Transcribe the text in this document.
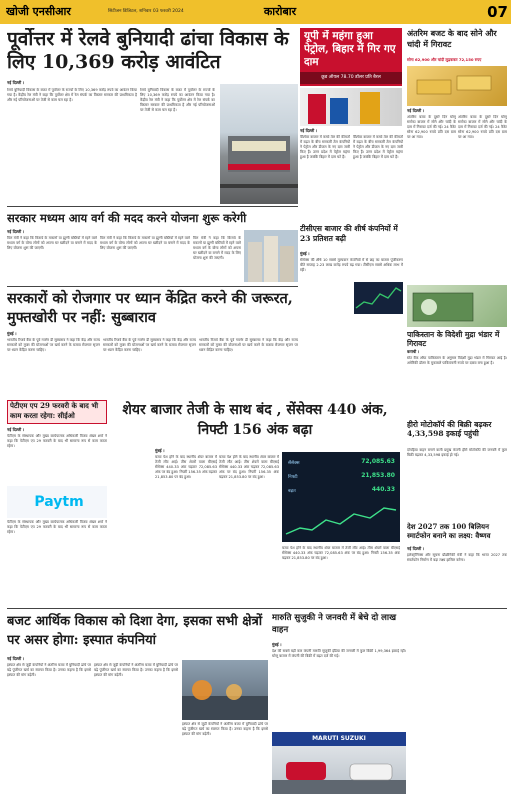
खोजी एनसीआर	सिटीजन डिजिटल, शनिवार 03 फरवरी 2024	कारोबार	07
पूर्वोत्तर में रेलवे बुनियादी ढांचा विकास के लिए 10,369 करोड़ आवंटित
नई दिल्ली ।
रेलवे बुनियादी विकास के बजट में पूर्वोत्तर के राज्यों के लिए 10,369 करोड़ रुपये का आवंटन किया गया है। केंद्रीय रेल मंत्री ने कहा कि पूर्वोत्तर क्षेत्र में रेल संपर्क का विस्तार सरकार की प्राथमिकता है और नई परियोजनाओं पर तेजी से काम चल रहा है।
रेलवे बुनियादी विकास के बजट में पूर्वोत्तर के राज्यों के लिए 10,369 करोड़ रुपये का आवंटन किया गया है। केंद्रीय रेल मंत्री ने कहा कि पूर्वोत्तर क्षेत्र में रेल संपर्क का विस्तार सरकार की प्राथमिकता है और नई परियोजनाओं पर तेजी से काम चल रहा है।
सरकार मध्यम आय वर्ग की मदद करने योजना शुरू करेगी
नई दिल्ली ।
वित्त मंत्री ने कहा कि किराये के मकानों या झुग्गी बस्तियों में रहने वाले मध्यम वर्ग के योग्य लोगों को अपना घर खरीदने या बनाने में मदद के लिए योजना शुरू की जाएगी।
वित्त मंत्री ने कहा कि किराये के मकानों या झुग्गी बस्तियों में रहने वाले मध्यम वर्ग के योग्य लोगों को अपना घर खरीदने या बनाने में मदद के लिए योजना शुरू की जाएगी।
वित्त मंत्री ने कहा कि किराये के मकानों या झुग्गी बस्तियों में रहने वाले मध्यम वर्ग के योग्य लोगों को अपना घर खरीदने या बनाने में मदद के लिए योजना शुरू की जाएगी।
सरकारों को रोजगार पर ध्यान केंद्रित करने की जरूरत, मुफ्तखोरी पर नहीं: सुब्बाराव
मुंबई ।
भारतीय रिजर्व बैंक के पूर्व गवर्नर डी सुब्बाराव ने कहा कि केंद्र और राज्य सरकारों को मुफ्त की योजनाओं पर खर्च करने के बजाय रोजगार सृजन पर ध्यान केंद्रित करना चाहिए।
भारतीय रिजर्व बैंक के पूर्व गवर्नर डी सुब्बाराव ने कहा कि केंद्र और राज्य सरकारों को मुफ्त की योजनाओं पर खर्च करने के बजाय रोजगार सृजन पर ध्यान केंद्रित करना चाहिए।
भारतीय रिजर्व बैंक के पूर्व गवर्नर डी सुब्बाराव ने कहा कि केंद्र और राज्य सरकारों को मुफ्त की योजनाओं पर खर्च करने के बजाय रोजगार सृजन पर ध्यान केंद्रित करना चाहिए।
यूपी में महंगा हुआ पेट्रोल, बिहार में गिर गए दाम
क्रूड ऑयल 78.70 डॉलर प्रति बैरल
नई दिल्ली ।
वैश्विक बाजार में कच्चे तेल की कीमतों में बढ़त के बीच सरकारी तेल कंपनियों ने पेट्रोल और डीजल के नए दाम जारी किए हैं। उत्तर प्रदेश में पेट्रोल महंगा हुआ है जबकि बिहार में दाम घटे हैं।
वैश्विक बाजार में कच्चे तेल की कीमतों में बढ़त के बीच सरकारी तेल कंपनियों ने पेट्रोल और डीजल के नए दाम जारी किए हैं। उत्तर प्रदेश में पेट्रोल महंगा हुआ है जबकि बिहार में दाम घटे हैं।
टीसीएस बाजार की शीर्ष कंपनियों में 23 प्रतिशत बढ़ी
मुंबई ।
सेंसेक्स की शीर्ष 10 सबसे मूल्यवान कंपनियों में से छह का बाजार पूंजीकरण बीते सप्ताह 2.23 लाख करोड़ रुपये बढ़ गया। टीसीएस सबसे अधिक लाभ में रही।
अंतरिम बजट के बाद सोने और चांदी में गिरावट
सोना 62,900 और चांदी लुढ़ककर 72,150 रुपए
नई दिल्ली ।
अंतरिम बजट के दूसरे दिन घरेलू सर्राफा बाजार में सोने और चांदी के दाम में गिरावट दर्ज की गई। 24 कैरेट सोना 62,900 रुपये प्रति दस ग्राम पर आ गया।
अंतरिम बजट के दूसरे दिन घरेलू सर्राफा बाजार में सोने और चांदी के दाम में गिरावट दर्ज की गई। 24 कैरेट सोना 62,900 रुपये प्रति दस ग्राम पर आ गया।
पाकिस्तान के विदेशी मुद्रा भंडार में गिरावट
कराची ।
स्टेट बैंक ऑफ पाकिस्तान के अनुसार विदेशी मुद्रा भंडार में गिरावट आई है। अमेरिकी डॉलर के मुकाबले पाकिस्तानी रुपये पर दबाव बना हुआ है।
शेयर बाजार तेजी के साथ बंद , सेंसेक्स 440 अंक, निफ्टी 156 अंक बढ़ा
मुंबई ।
बजट पेश होने के बाद स्थानीय शेयर बाजार में तेजी लौट आई। तीस शेयरों वाला बीएसई सेंसेक्स 440.33 अंक चढ़कर 72,085.63 अंक पर बंद हुआ। निफ्टी 156.35 अंक बढ़कर 21,853.80 पर बंद हुआ।
बजट पेश होने के बाद स्थानीय शेयर बाजार में तेजी लौट आई। तीस शेयरों वाला बीएसई सेंसेक्स 440.33 अंक चढ़कर 72,085.63 अंक पर बंद हुआ। निफ्टी 156.35 अंक बढ़कर 21,853.80 पर बंद हुआ।
सेंसेक्स	72,085.63
निफ्टी	21,853.80
बढ़त	440.33
बजट पेश होने के बाद स्थानीय शेयर बाजार में तेजी लौट आई। तीस शेयरों वाला बीएसई सेंसेक्स 440.33 अंक चढ़कर 72,085.63 अंक पर बंद हुआ। निफ्टी 156.35 अंक बढ़कर 21,853.80 पर बंद हुआ।
हीरो मोटोकॉर्प की बिक्री बढ़कर 4,33,598 इकाई पहुंची
दोपहिया वाहन बनाने वाली प्रमुख कंपनी हीरो मोटोकॉर्प की जनवरी में कुल बिक्री बढ़कर 4,33,598 इकाई हो गई।
देश 2027 तक 100 बिलियन स्मार्टफोन बनाने का लक्ष्य: वैष्णव
नई दिल्ली ।
इलेक्ट्रॉनिक्स और सूचना प्रौद्योगिकी मंत्री ने कहा कि भारत 2027 तक स्मार्टफोन निर्माण में बड़ा लक्ष्य हासिल करेगा।
पेटीएम एप 29 फरवरी के बाद भी काम करता रहेगा: सीईओ
नई दिल्ली ।
पेटीएम के संस्थापक और मुख्य कार्यपालक अधिकारी विजय शेखर शर्मा ने कहा कि पेटीएम एप 29 फरवरी के बाद भी सामान्य रूप से काम करता रहेगा।
Paytm
पेटीएम के संस्थापक और मुख्य कार्यपालक अधिकारी विजय शेखर शर्मा ने कहा कि पेटीएम एप 29 फरवरी के बाद भी सामान्य रूप से काम करता रहेगा।
बजट आर्थिक विकास को दिशा देगा, इसका सभी क्षेत्रों पर असर होगा: इस्पात कंपनियां
नई दिल्ली ।
इस्पात क्षेत्र से जुड़ी कंपनियों ने अंतरिम बजट में बुनियादी ढांचे पर बढ़े पूंजीगत खर्च का स्वागत किया है। उनका कहना है कि इससे इस्पात की मांग बढ़ेगी।
इस्पात क्षेत्र से जुड़ी कंपनियों ने अंतरिम बजट में बुनियादी ढांचे पर बढ़े पूंजीगत खर्च का स्वागत किया है। उनका कहना है कि इससे इस्पात की मांग बढ़ेगी।
इस्पात क्षेत्र से जुड़ी कंपनियों ने अंतरिम बजट में बुनियादी ढांचे पर बढ़े पूंजीगत खर्च का स्वागत किया है। उनका कहना है कि इससे इस्पात की मांग बढ़ेगी।
मारुति सुजुकी ने जनवरी में बेचे दो लाख वाहन
मुंबई ।
देश की सबसे बड़ी कार कंपनी मारुति सुजुकी इंडिया की जनवरी में कुल बिक्री 1,99,364 इकाई रही। घरेलू बाजार में कंपनी की बिक्री में बढ़त दर्ज की गई।
MARUTI SUZUKI
